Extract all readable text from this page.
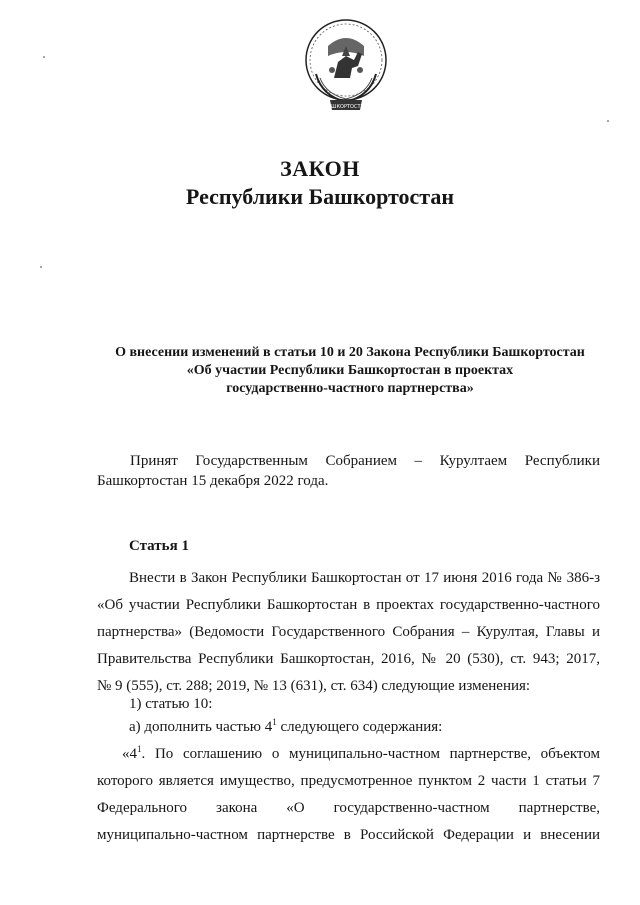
БАШКОРТОСТАН
ЗАКОН
Республики Башкортостан
О внесении изменений в статьи 10 и 20 Закона Республики Башкортостан
«Об участии Республики Башкортостан в проектах
государственно-частного партнерства»
Принят Государственным Собранием – Курултаем Республики
Башкортостан 15 декабря 2022 года.
Статья 1
Внести в Закон Республики Башкортостан от 17 июня 2016 года № 386-з
«Об участии Республики Башкортостан в проектах государственно-частного
партнерства» (Ведомости Государственного Собрания – Курултая, Главы и
Правительства Республики Башкортостан, 2016, № 20 (530), ст. 943; 2017,
№ 9 (555), ст. 288; 2019, № 13 (631), ст. 634) следующие изменения:
1) статью 10:
а) дополнить частью $4^1$ следующего содержания:
«$4^1$. По соглашению о муниципально-частном партнерстве, объектом
которого является имущество, предусмотренное пунктом 2 части 1 статьи 7
Федерального закона «О государственно-частном партнерстве,
муниципально-частном партнерстве в Российской Федерации и внесении
